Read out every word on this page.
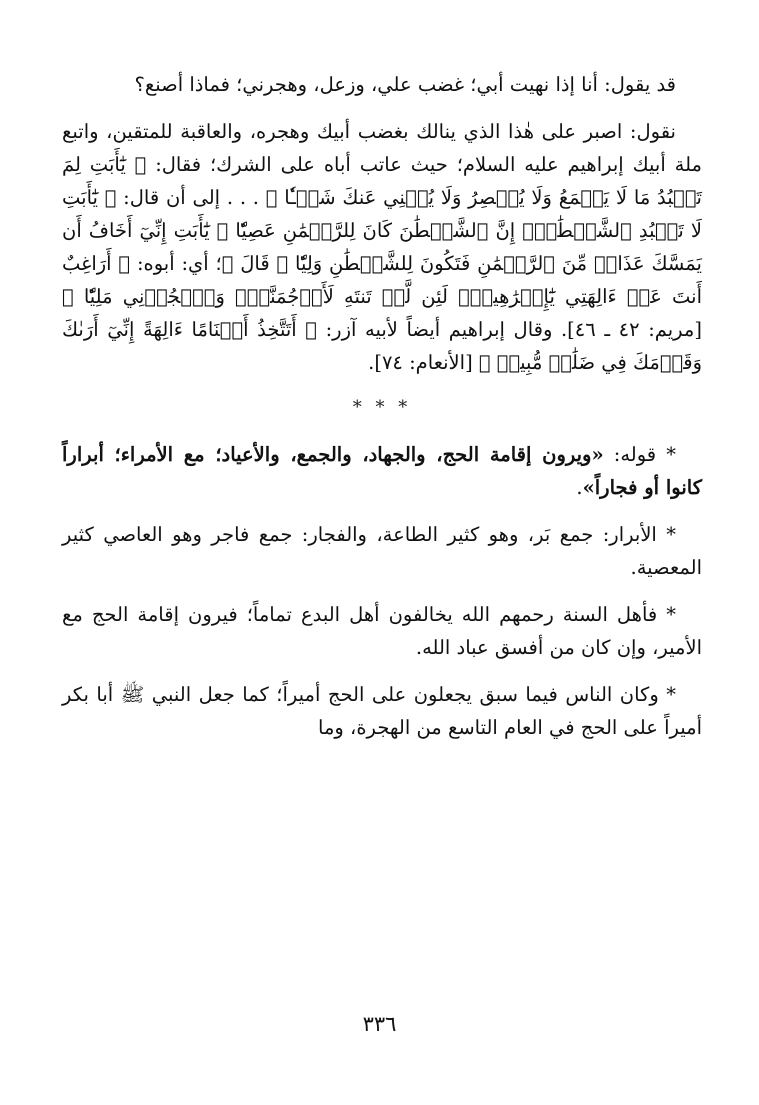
قد يقول: أنا إذا نهيت أبي؛ غضب علي، وزعل، وهجرني؛ فماذا أصنع؟

نقول: اصبر على هٰذا الذي ينالك بغضب أبيك وهجره، والعاقبة للمتقين، واتبع ملة أبيك إبراهيم عليه السلام؛ حيث عاتب أباه على الشرك؛ فقال: ﴿ يَٰٓأَبَتِ لِمَ تَعۡبُدُ مَا لَا يَسۡمَعُ وَلَا يُبۡصِرُ وَلَا يُغۡنِي عَنكَ شَيۡـٔٗا ﴾ . . . إلى أن قال: ﴿ يَٰٓأَبَتِ لَا تَعۡبُدِ ٱلشَّيۡطَٰنَۖ إِنَّ ٱلشَّيۡطَٰنَ كَانَ لِلرَّحۡمَٰنِ عَصِيّٗا ۞ يَٰٓأَبَتِ إِنِّيٓ أَخَافُ أَن يَمَسَّكَ عَذَابٞ مِّنَ ٱلرَّحۡمَٰنِ فَتَكُونَ لِلشَّيۡطَٰنِ وَلِيّٗا ۞ قَالَ ﴾؛ أي: أبوه: ﴿ أَرَاغِبٌ أَنتَ عَنۡ ءَالِهَتِي يَٰٓإِبۡرَٰهِيمُۖ لَئِن لَّمۡ تَنتَهِ لَأَرۡجُمَنَّكَۖ وَٱهۡجُرۡنِي مَلِيّٗا ﴾ [مريم: ٤٢ ـ ٤٦]. وقال إبراهيم أيضاً لأبيه آزر: ﴿ أَتَتَّخِذُ أَصۡنَامًا ءَالِهَةً إِنِّيٓ أَرَىٰكَ وَقَوۡمَكَ فِي ضَلَٰلٖ مُّبِينٖ ﴾ [الأنعام: ٧٤].

* * *

* قوله: «ويرون إقامة الحج، والجهاد، والجمع، والأعياد؛ مع الأمراء؛ أبراراً كانوا أو فجاراً».

* الأبرار: جمع بَر، وهو كثير الطاعة، والفجار: جمع فاجر وهو العاصي كثير المعصية.

* فأهل السنة رحمهم الله يخالفون أهل البدع تماماً؛ فيرون إقامة الحج مع الأمير، وإن كان من أفسق عباد الله.

* وكان الناس فيما سبق يجعلون على الحج أميراً؛ كما جعل النبي ﷺ أبا بكر أميراً على الحج في العام التاسع من الهجرة، وما

٣٣٦
